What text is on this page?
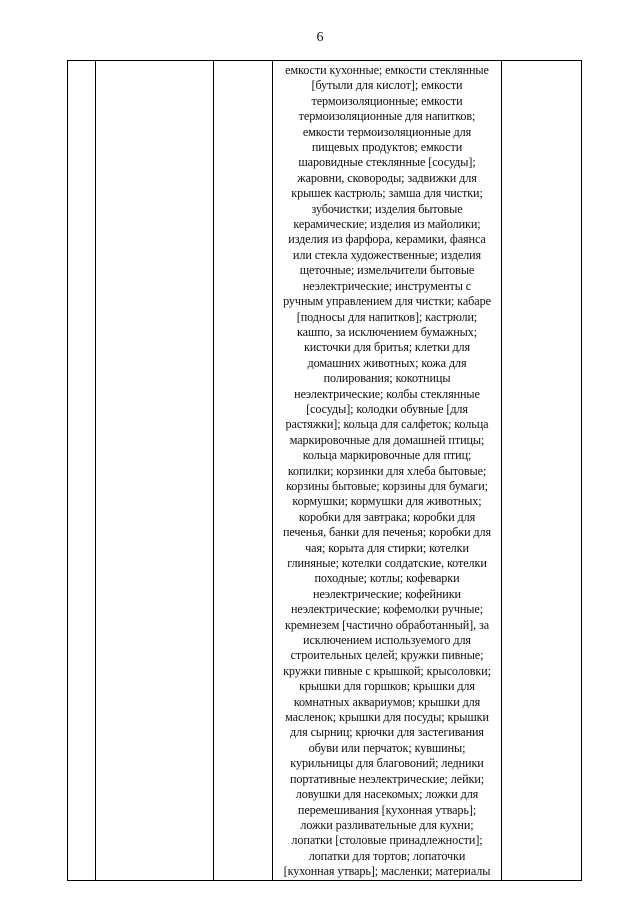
6

емкости кухонные; емкости стеклянные
[бутыли для кислот]; емкости
термоизоляционные; емкости
термоизоляционные для напитков;
емкости термоизоляционные для
пищевых продуктов; емкости
шаровидные стеклянные [сосуды];
жаровни, сковороды; задвижки для
крышек кастрюль; замша для чистки;
зубочистки; изделия бытовые
керамические; изделия из майолики;
изделия из фарфора, керамики, фаянса
или стекла художественные; изделия
щеточные; измельчители бытовые
неэлектрические; инструменты с
ручным управлением для чистки; кабаре
[подносы для напитков]; кастрюли;
кашпо, за исключением бумажных;
кисточки для бритья; клетки для
домашних животных; кожа для
полирования; кокотницы
неэлектрические; колбы стеклянные
[сосуды]; колодки обувные [для
растяжки]; кольца для салфеток; кольца
маркировочные для домашней птицы;
кольца маркировочные для птиц;
копилки; корзинки для хлеба бытовые;
корзины бытовые; корзины для бумаги;
кормушки; кормушки для животных;
коробки для завтрака; коробки для
печенья, банки для печенья; коробки для
чая; корыта для стирки; котелки
глиняные; котелки солдатские, котелки
походные; котлы; кофеварки
неэлектрические; кофейники
неэлектрические; кофемолки ручные;
кремнезем [частично обработанный], за
исключением используемого для
строительных целей; кружки пивные;
кружки пивные с крышкой; крысоловки;
крышки для горшков; крышки для
комнатных аквариумов; крышки для
масленок; крышки для посуды; крышки
для сырниц; крючки для застегивания
обуви или перчаток; кувшины;
курильницы для благовоний; ледники
портативные неэлектрические; лейки;
ловушки для насекомых; ложки для
перемешивания [кухонная утварь];
ложки разливательные для кухни;
лопатки [столовые принадлежности];
лопатки для тортов; лопаточки
[кухонная утварь]; масленки; материалы
